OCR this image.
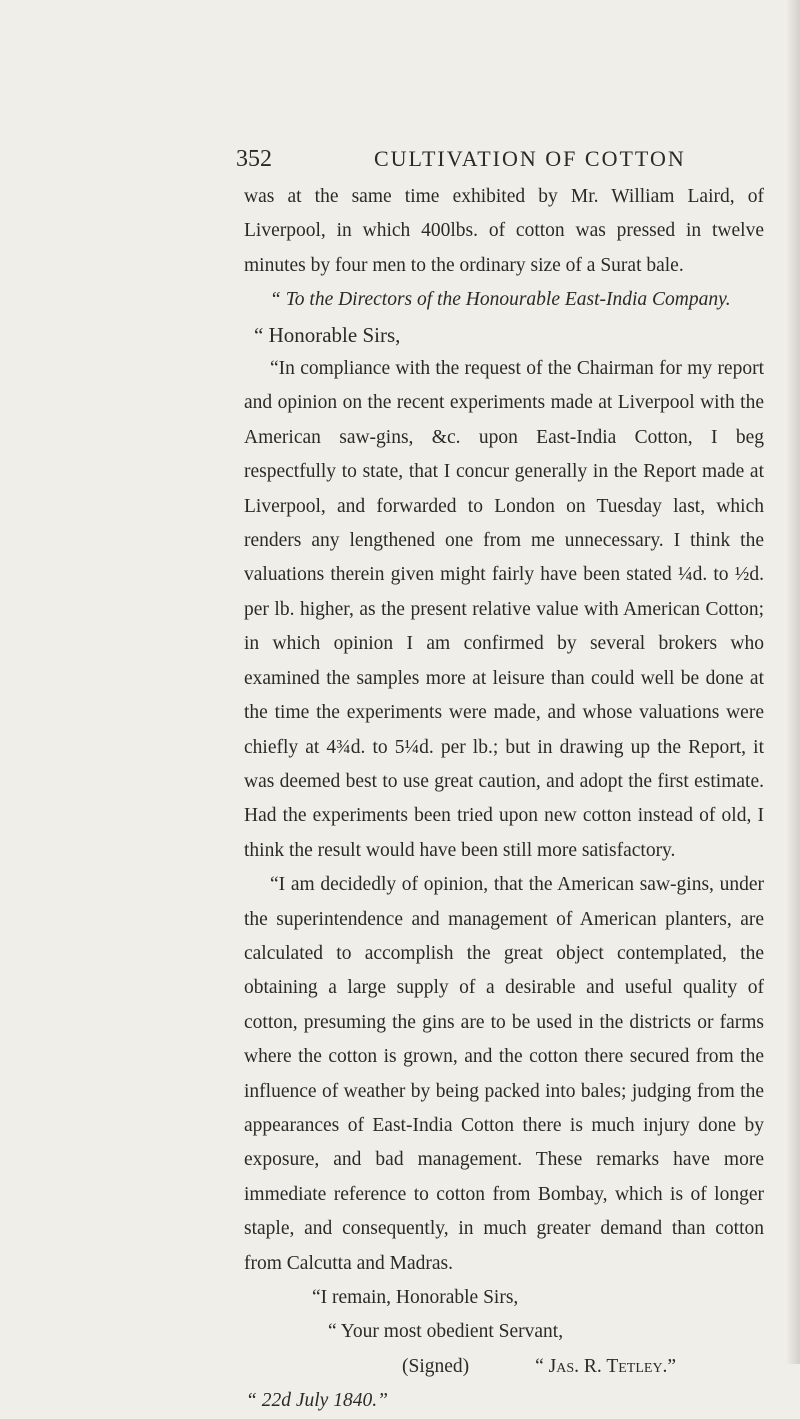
352	CULTIVATION OF COTTON

was at the same time exhibited by Mr. William Laird, of Liverpool, in which 400lbs. of cotton was pressed in twelve minutes by four men to the ordinary size of a Surat bale.

“ To the Directors of the Honourable East-India Company.

“ Honorable Sirs,

“In compliance with the request of the Chairman for my report and opinion on the recent experiments made at Liverpool with the American saw-gins, &c. upon East-India Cotton, I beg respectfully to state, that I concur generally in the Report made at Liverpool, and forwarded to London on Tuesday last, which renders any lengthened one from me unnecessary. I think the valuations therein given might fairly have been stated ¼d. to ½d. per lb. higher, as the present relative value with American Cotton; in which opinion I am confirmed by several brokers who examined the samples more at leisure than could well be done at the time the experiments were made, and whose valuations were chiefly at 4¾d. to 5¼d. per lb.; but in drawing up the Report, it was deemed best to use great caution, and adopt the first estimate. Had the experiments been tried upon new cotton instead of old, I think the result would have been still more satisfactory.

“I am decidedly of opinion, that the American saw-gins, under the superintendence and management of American planters, are calculated to accomplish the great object contemplated, the obtaining a large supply of a desirable and useful quality of cotton, presuming the gins are to be used in the districts or farms where the cotton is grown, and the cotton there secured from the influence of weather by being packed into bales; judging from the appearances of East-India Cotton there is much injury done by exposure, and bad management. These remarks have more immediate reference to cotton from Bombay, which is of longer staple, and consequently, in much greater demand than cotton from Calcutta and Madras.

“I remain, Honorable Sirs,

“ Your most obedient Servant,

(Signed)	“ Jas. R. Tetley.”

“ 22d July 1840.”
